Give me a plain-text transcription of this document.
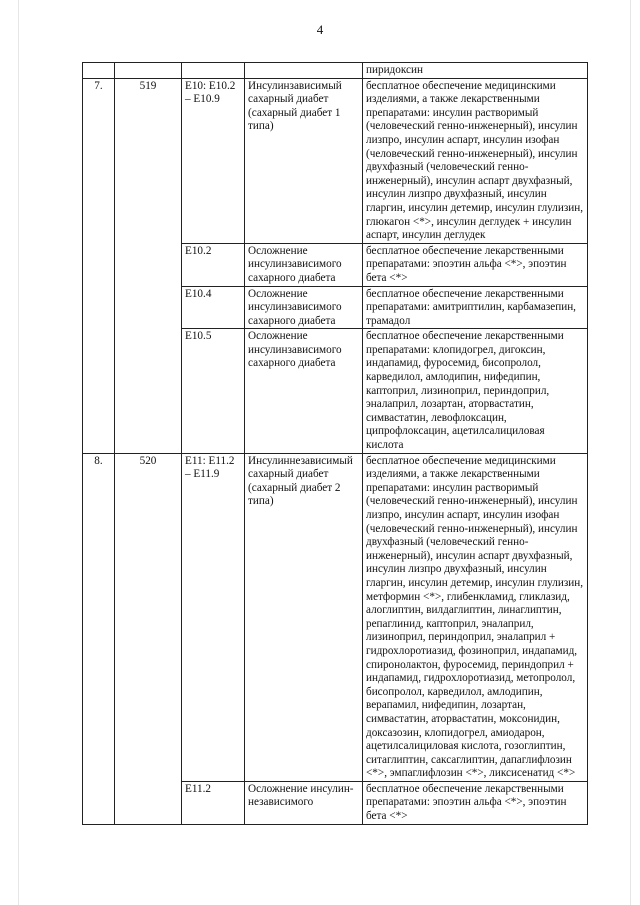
4
				пиридоксин
7.	519	E10: E10.2 – E10.9	Инсулинзависимый сахарный диабет (сахарный диабет 1 типа)	бесплатное обеспечение медицинскими изделиями, а также лекарственными препаратами: инсулин растворимый (человеческий генно-инженерный), инсулин лизпро, инсулин аспарт, инсулин изофан (человеческий генно-инженерный), инсулин двухфазный (человеческий генно-инженерный), инсулин аспарт двухфазный, инсулин лизпро двухфазный, инсулин гларгин, инсулин детемир, инсулин глулизин, глюкагон <*>, инсулин деглудек + инсулин аспарт, инсулин деглудек
		E10.2	Осложнение инсулинзависимого сахарного диабета	бесплатное обеспечение лекарственными препаратами: эпоэтин альфа <*>, эпоэтин бета <*>
		E10.4	Осложнение инсулинзависимого сахарного диабета	бесплатное обеспечение лекарственными препаратами: амитриптилин, карбамазепин, трамадол
		E10.5	Осложнение инсулинзависимого сахарного диабета	бесплатное обеспечение лекарственными препаратами: клопидогрел, дигоксин, индапамид, фуросемид, бисопролол, карведилол, амлодипин, нифедипин, каптоприл, лизиноприл, периндоприл, эналаприл, лозартан, аторвастатин, симвастатин, левофлоксацин, ципрофлоксацин, ацетилсалициловая кислота
8.	520	E11: E11.2 – E11.9	Инсулиннезависимый сахарный диабет (сахарный диабет 2 типа)	бесплатное обеспечение медицинскими изделиями, а также лекарственными препаратами: инсулин растворимый (человеческий генно-инженерный), инсулин лизпро, инсулин аспарт, инсулин изофан (человеческий генно-инженерный), инсулин двухфазный (человеческий генно-инженерный), инсулин аспарт двухфазный, инсулин лизпро двухфазный, инсулин гларгин, инсулин детемир, инсулин глулизин, метформин <*>, глибенкламид, гликлазид, алоглиптин, вилдаглиптин, линаглиптин, репаглинид, каптоприл, эналаприл, лизиноприл, периндоприл, эналаприл + гидрохлоротиазид, фозиноприл, индапамид, спиронолактон, фуросемид, периндоприл + индапамид, гидрохлоротиазид, метопролол, бисопролол, карведилол, амлодипин, верапамил, нифедипин, лозартан, симвастатин, аторвастатин, моксонидин, доксазозин, клопидогрел, амиодарон, ацетилсалициловая кислота, гозоглиптин, ситаглиптин, саксаглиптин, дапаглифлозин <*>, эмпаглифлозин <*>, ликсисенатид <*>
		E11.2	Осложнение инсулин-независимого	бесплатное обеспечение лекарственными препаратами: эпоэтин альфа <*>, эпоэтин бета <*>
